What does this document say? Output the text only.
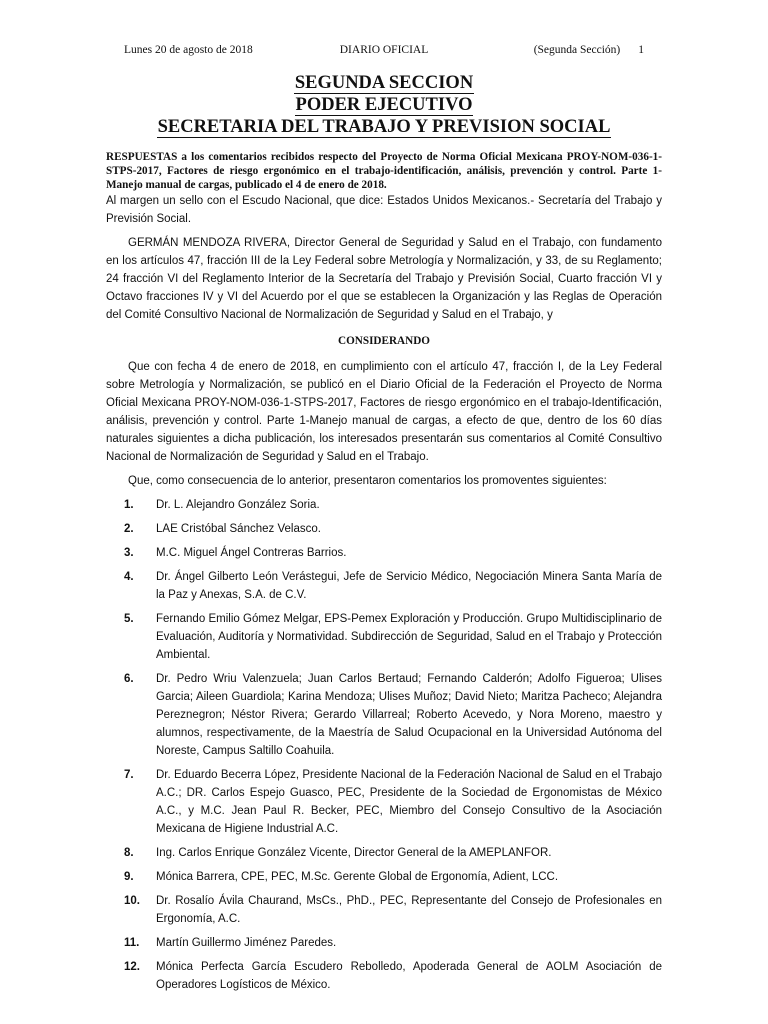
Lunes 20 de agosto de 2018	DIARIO OFICIAL	(Segunda Sección) 1
SEGUNDA SECCION
PODER EJECUTIVO
SECRETARIA DEL TRABAJO Y PREVISION SOCIAL

RESPUESTAS a los comentarios recibidos respecto del Proyecto de Norma Oficial Mexicana PROY-NOM-036-1-STPS-2017, Factores de riesgo ergonómico en el trabajo-identificación, análisis, prevención y control. Parte 1-Manejo manual de cargas, publicado el 4 de enero de 2018.

Al margen un sello con el Escudo Nacional, que dice: Estados Unidos Mexicanos.- Secretaría del Trabajo y Previsión Social.

GERMÁN MENDOZA RIVERA, Director General de Seguridad y Salud en el Trabajo, con fundamento en los artículos 47, fracción III de la Ley Federal sobre Metrología y Normalización, y 33, de su Reglamento; 24 fracción VI del Reglamento Interior de la Secretaría del Trabajo y Previsión Social, Cuarto fracción VI y Octavo fracciones IV y VI del Acuerdo por el que se establecen la Organización y las Reglas de Operación del Comité Consultivo Nacional de Normalización de Seguridad y Salud en el Trabajo, y

CONSIDERANDO

Que con fecha 4 de enero de 2018, en cumplimiento con el artículo 47, fracción I, de la Ley Federal sobre Metrología y Normalización, se publicó en el Diario Oficial de la Federación el Proyecto de Norma Oficial Mexicana PROY-NOM-036-1-STPS-2017, Factores de riesgo ergonómico en el trabajo-Identificación, análisis, prevención y control. Parte 1-Manejo manual de cargas, a efecto de que, dentro de los 60 días naturales siguientes a dicha publicación, los interesados presentarán sus comentarios al Comité Consultivo Nacional de Normalización de Seguridad y Salud en el Trabajo.

Que, como consecuencia de lo anterior, presentaron comentarios los promoventes siguientes:

1.	Dr. L. Alejandro González Soria.
2.	LAE Cristóbal Sánchez Velasco.
3.	M.C. Miguel Ángel Contreras Barrios.
4.	Dr. Ángel Gilberto León Verástegui, Jefe de Servicio Médico, Negociación Minera Santa María de la Paz y Anexas, S.A. de C.V.
5.	Fernando Emilio Gómez Melgar, EPS-Pemex Exploración y Producción. Grupo Multidisciplinario de Evaluación, Auditoría y Normatividad. Subdirección de Seguridad, Salud en el Trabajo y Protección Ambiental.
6.	Dr. Pedro Wriu Valenzuela; Juan Carlos Bertaud; Fernando Calderón; Adolfo Figueroa; Ulises Garcia; Aileen Guardiola; Karina Mendoza; Ulises Muñoz; David Nieto; Maritza Pacheco; Alejandra Pereznegron; Néstor Rivera; Gerardo Villarreal; Roberto Acevedo, y Nora Moreno, maestro y alumnos, respectivamente, de la Maestría de Salud Ocupacional en la Universidad Autónoma del Noreste, Campus Saltillo Coahuila.
7.	Dr. Eduardo Becerra López, Presidente Nacional de la Federación Nacional de Salud en el Trabajo A.C.; DR. Carlos Espejo Guasco, PEC, Presidente de la Sociedad de Ergonomistas de México A.C., y M.C. Jean Paul R. Becker, PEC, Miembro del Consejo Consultivo de la Asociación Mexicana de Higiene Industrial A.C.
8.	Ing. Carlos Enrique González Vicente, Director General de la AMEPLANFOR.
9.	Mónica Barrera, CPE, PEC, M.Sc. Gerente Global de Ergonomía, Adient, LCC.
10.	Dr. Rosalío Ávila Chaurand, MsCs., PhD., PEC, Representante del Consejo de Profesionales en Ergonomía, A.C.
11.	Martín Guillermo Jiménez Paredes.
12.	Mónica Perfecta García Escudero Rebolledo, Apoderada General de AOLM Asociación de Operadores Logísticos de México.
